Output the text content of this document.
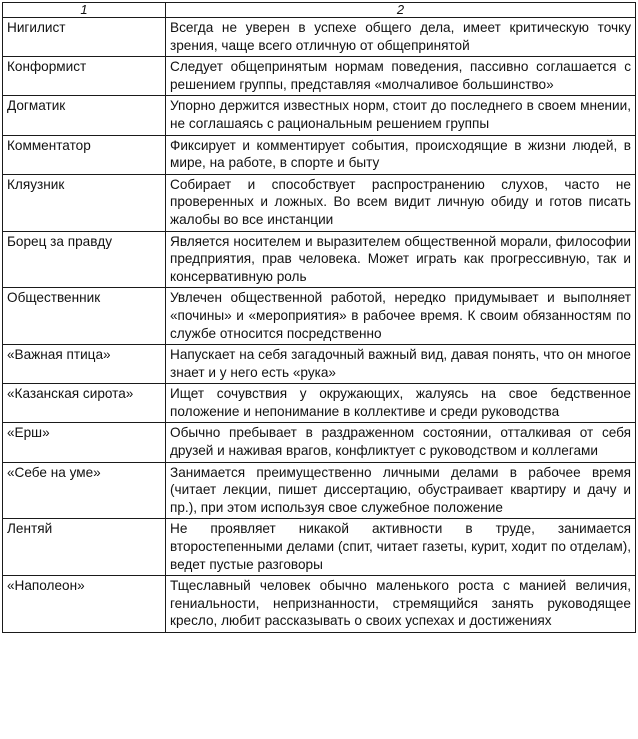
1	2
Нигилист	Всегда не уверен в успехе общего дела, имеет критическую точку зрения, чаще всего отличную от общепринятой
Конформист	Следует общепринятым нормам поведения, пассивно соглашается с решением группы, представляя «молчаливое большинство»
Догматик	Упорно держится известных норм, стоит до последнего в своем мнении, не соглашаясь с рациональным решением группы
Комментатор	Фиксирует и комментирует события, происходящие в жизни людей, в мире, на работе, в спорте и быту
Кляузник	Собирает и способствует распространению слухов, часто не проверенных и ложных. Во всем видит личную обиду и готов писать жалобы во все инстанции
Борец за правду	Является носителем и выразителем общественной морали, философии предприятия, прав человека. Может играть как прогрессивную, так и консервативную роль
Общественник	Увлечен общественной работой, нередко придумывает и выполняет «почины» и «мероприятия» в рабочее время. К своим обязанностям по службе относится посредственно
«Важная птица»	Напускает на себя загадочный важный вид, давая понять, что он многое знает и у него есть «рука»
«Казанская сирота»	Ищет сочувствия у окружающих, жалуясь на свое бедственное положение и непонимание в коллективе и среди руководства
«Ерш»	Обычно пребывает в раздраженном состоянии, отталкивая от себя друзей и наживая врагов, конфликтует с руководством и коллегами
«Себе на уме»	Занимается преимущественно личными делами в рабочее время (читает лекции, пишет диссертацию, обустраивает квартиру и дачу и пр.), при этом используя свое служебное положение
Лентяй	Не проявляет никакой активности в труде, занимается второстепенными делами (спит, читает газеты, курит, ходит по отделам), ведет пустые разговоры
«Наполеон»	Тщеславный человек обычно маленького роста с манией величия, гениальности, непризнанности, стремящийся занять руководящее кресло, любит рассказывать о своих успехах и достижениях
